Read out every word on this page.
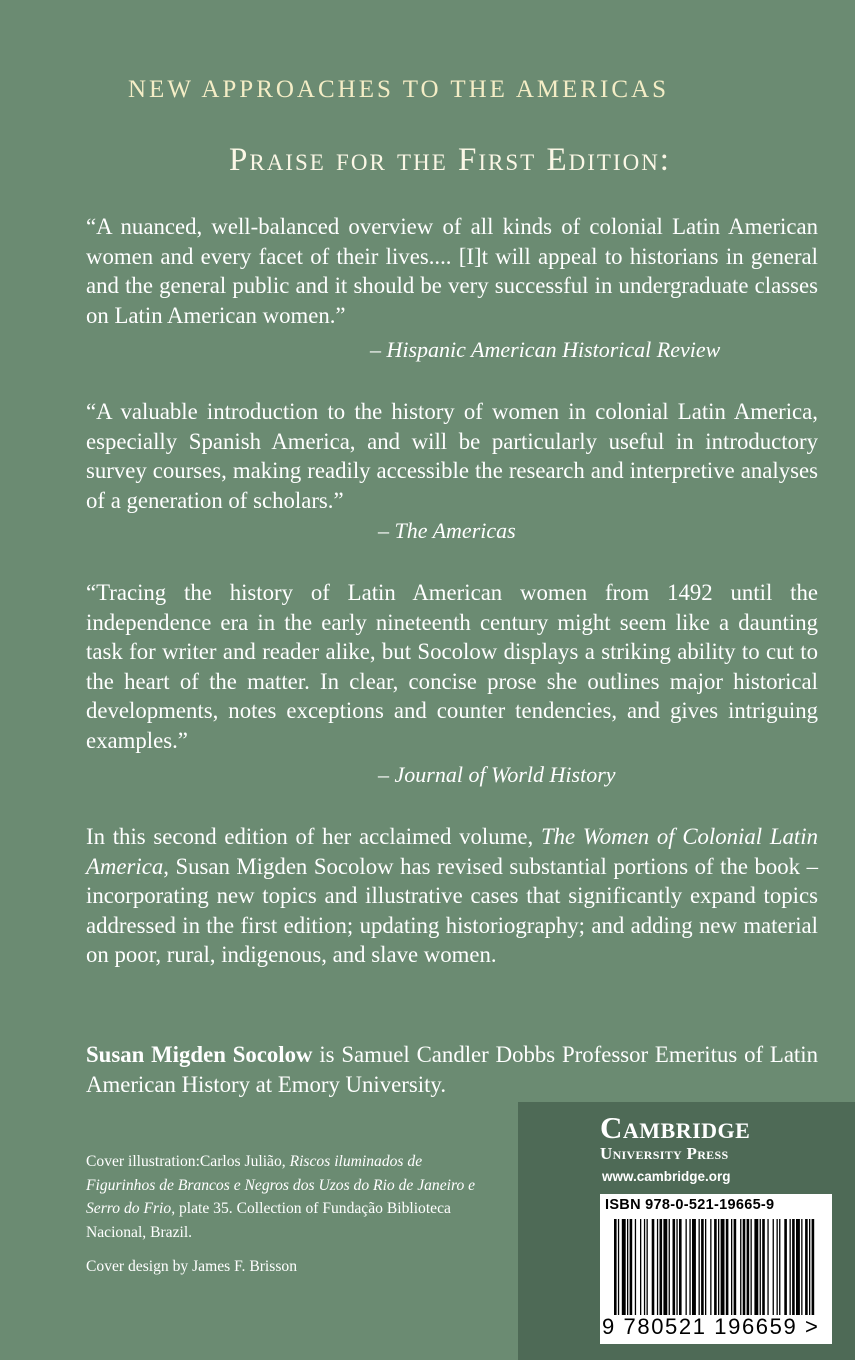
NEW APPROACHES TO THE AMERICAS
Praise for the First Edition:

“A nuanced, well-balanced overview of all kinds of colonial Latin American women and every facet of their lives.... [I]t will appeal to historians in general and the general public and it should be very successful in undergraduate classes on Latin American women.”

– Hispanic American Historical Review

“A valuable introduction to the history of women in colonial Latin America, especially Spanish America, and will be particularly useful in introductory survey courses, making readily accessible the research and interpretive analyses of a generation of scholars.”

– The Americas

“Tracing the history of Latin American women from 1492 until the independence era in the early nineteenth century might seem like a daunting task for writer and reader alike, but Socolow displays a striking ability to cut to the heart of the matter. In clear, concise prose she outlines major historical developments, notes exceptions and counter tendencies, and gives intriguing examples.”

– Journal of World History

In this second edition of her acclaimed volume, The Women of Colonial Latin America, Susan Migden Socolow has revised substantial portions of the book – incorporating new topics and illustrative cases that significantly expand topics addressed in the first edition; updating historiography; and adding new material on poor, rural, indigenous, and slave women.

Susan Migden Socolow is Samuel Candler Dobbs Professor Emeritus of Latin American History at Emory University.

Cover illustration:Carlos Julião, Riscos iluminados de Figurinhos de Brancos e Negros dos Uzos do Rio de Janeiro e Serro do Frio, plate 35. Collection of Fundação Biblioteca Nacional, Brazil.

Cover design by James F. Brisson

Cambridge
University Press
www.cambridge.org
ISBN 978-0-521-19665-9
9 780521 196659 >
